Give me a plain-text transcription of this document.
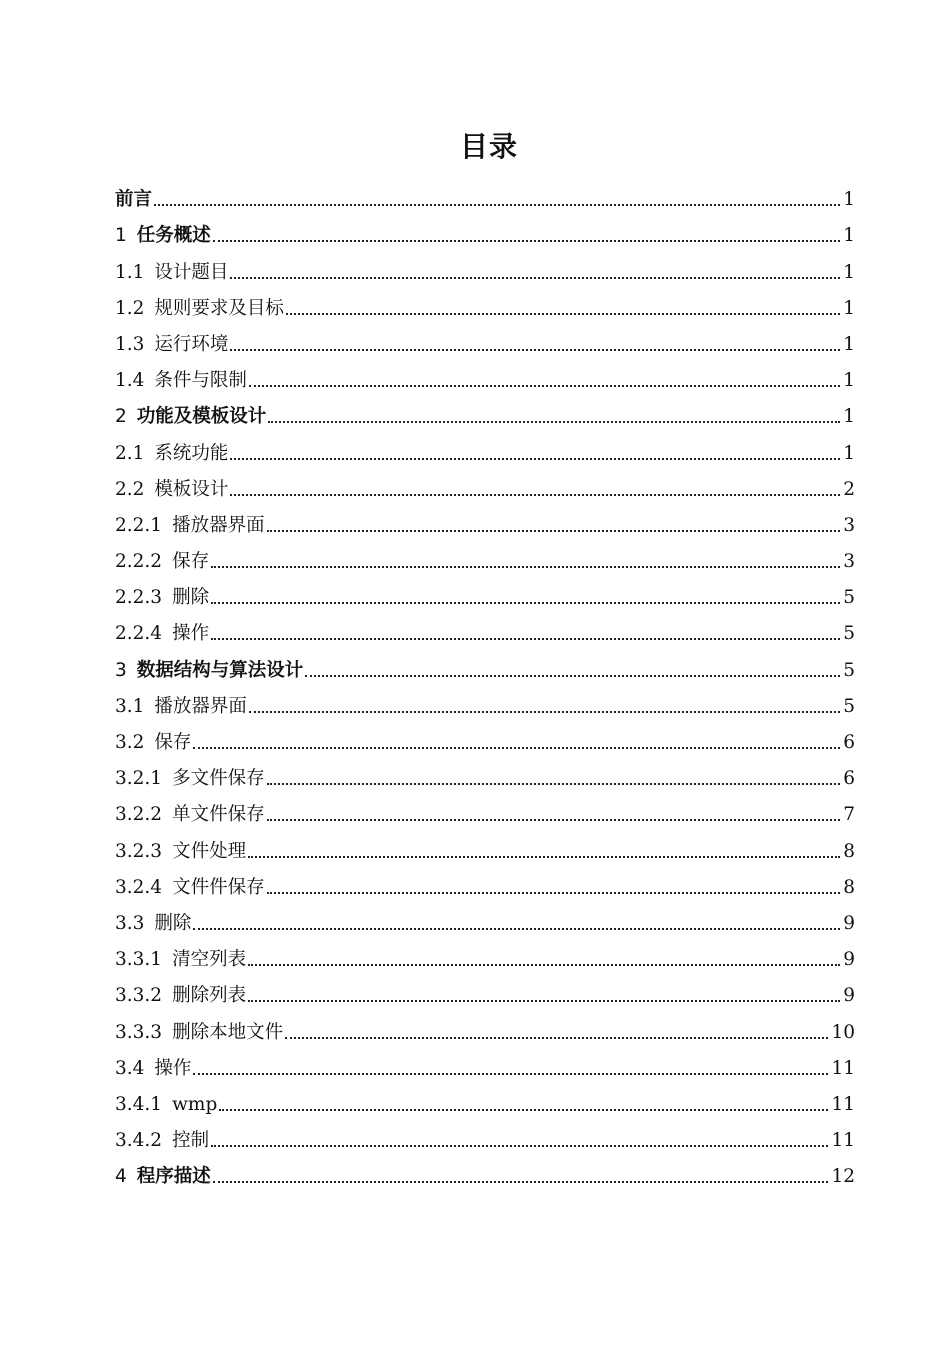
目录
前言	1
1 任务概述	1
1.1 设计题目	1
1.2 规则要求及目标	1
1.3 运行环境	1
1.4 条件与限制	1
2 功能及模板设计	1
2.1 系统功能	1
2.2 模板设计	2
2.2.1 播放器界面	3
2.2.2 保存	3
2.2.3 删除	5
2.2.4 操作	5
3 数据结构与算法设计	5
3.1 播放器界面	5
3.2 保存	6
3.2.1 多文件保存	6
3.2.2 单文件保存	7
3.2.3 文件处理	8
3.2.4 文件件保存	8
3.3 删除	9
3.3.1 清空列表	9
3.3.2 删除列表	9
3.3.3 删除本地文件	10
3.4 操作	11
3.4.1 wmp	11
3.4.2 控制	11
4 程序描述	12
